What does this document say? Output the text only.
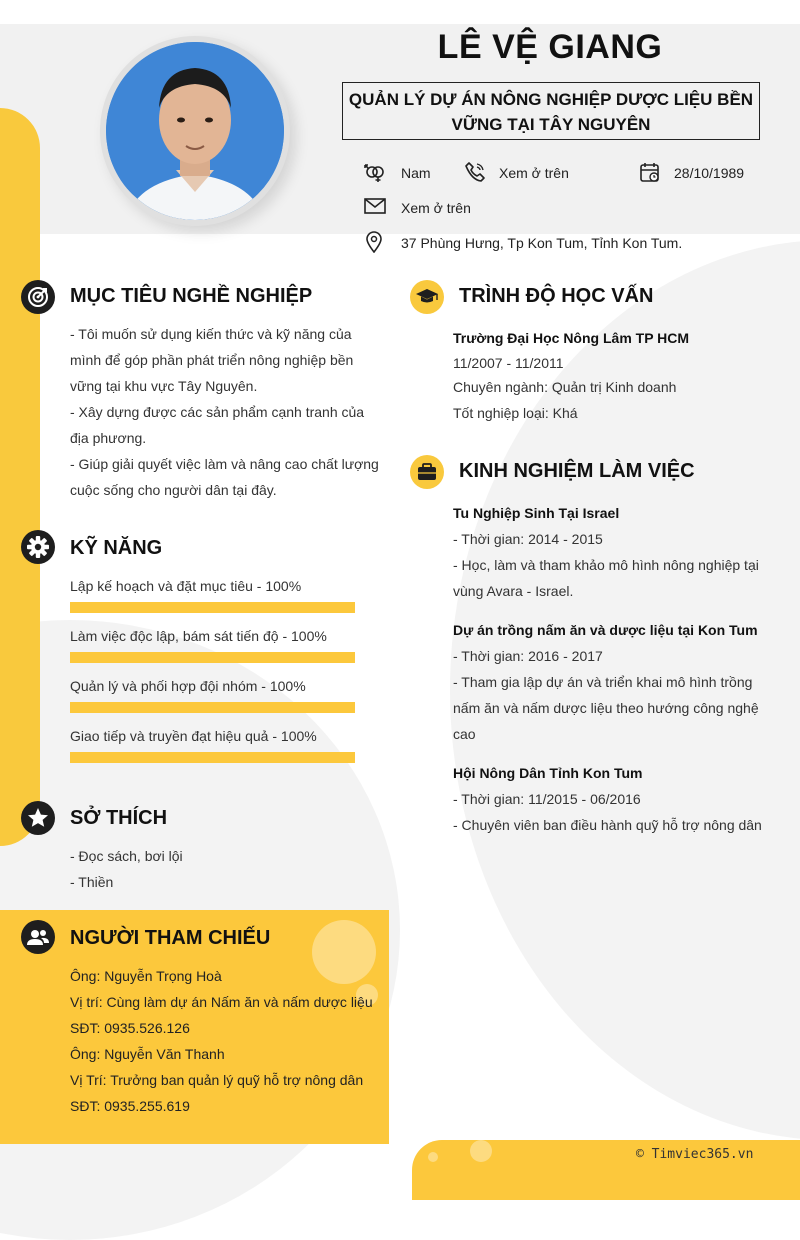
LÊ VỆ GIANG
QUẢN LÝ DỰ ÁN NÔNG NGHIỆP DƯỢC LIỆU BỀN
VỮNG TẠI TÂY NGUYÊN
Nam	Xem ở trên	28/10/1989
Xem ở trên
37 Phùng Hưng, Tp Kon Tum, Tỉnh Kon Tum.
MỤC TIÊU NGHỀ NGHIỆP
- Tôi muốn sử dụng kiến thức và kỹ năng của
mình để góp phần phát triển nông nghiệp bền
vững tại khu vực Tây Nguyên.
- Xây dựng được các sản phẩm cạnh tranh của
địa phương.
- Giúp giải quyết việc làm và nâng cao chất lượng
cuộc sống cho người dân tại đây.
KỸ NĂNG
Lập kế hoạch và đặt mục tiêu - 100%
Làm việc độc lập, bám sát tiến độ - 100%
Quản lý và phối hợp đội nhóm - 100%
Giao tiếp và truyền đạt hiệu quả - 100%
SỞ THÍCH
- Đọc sách, bơi lội
- Thiền
NGƯỜI THAM CHIẾU
Ông: Nguyễn Trọng Hoà
Vị trí: Cùng làm dự án Nấm ăn và nấm dược liệu
SĐT: 0935.526.126
Ông: Nguyễn Văn Thanh
Vị Trí: Trưởng ban quản lý quỹ hỗ trợ nông dân
SĐT: 0935.255.619
TRÌNH ĐỘ HỌC VẤN
Trường Đại Học Nông Lâm TP HCM
11/2007 - 11/2011
Chuyên ngành: Quản trị Kinh doanh
Tốt nghiệp loại: Khá
KINH NGHIỆM LÀM VIỆC
Tu Nghiệp Sinh Tại Israel
- Thời gian: 2014 - 2015
- Học, làm và tham khảo mô hình nông nghiệp tại
vùng Avara - Israel.
Dự án trồng nấm ăn và dược liệu tại Kon Tum
- Thời gian: 2016 - 2017
- Tham gia lập dự án và triển khai mô hình trồng
nấm ăn và nấm dược liệu theo hướng công nghệ
cao
Hội Nông Dân Tỉnh Kon Tum
- Thời gian: 11/2015 - 06/2016
- Chuyên viên ban điều hành quỹ hỗ trợ nông dân
© Timviec365.vn
